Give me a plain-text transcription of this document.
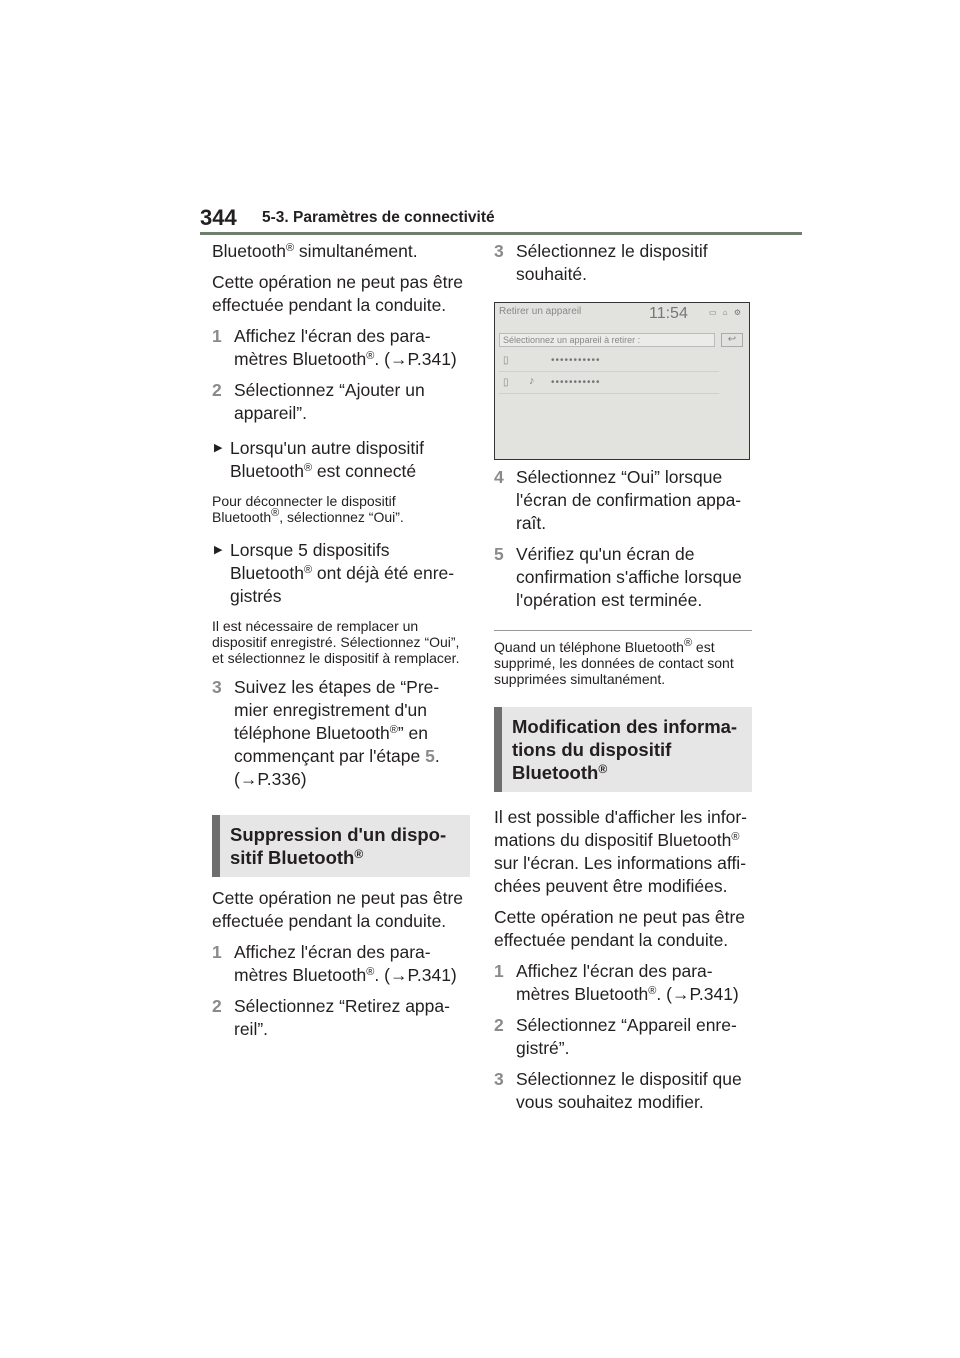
344 5-3. Paramètres de connectivité

Bluetooth® simultanément.

Cette opération ne peut pas être effectuée pendant la conduite.

1 Affichez l'écran des para-mètres Bluetooth®. (→P.341)
2 Sélectionnez “Ajouter un appareil”.
▶ Lorsqu'un autre dispositif Bluetooth® est connecté

Pour déconnecter le dispositif Bluetooth®, sélectionnez “Oui”.

▶ Lorsque 5 dispositifs Bluetooth® ont déjà été enre-gistrés

Il est nécessaire de remplacer un dispositif enregistré. Sélectionnez “Oui”, et sélectionnez le dispositif à remplacer.

3 Suivez les étapes de “Pre-mier enregistrement d'un téléphone Bluetooth®” en commençant par l'étape 5. (→P.336)
Suppression d'un dispo-sitif Bluetooth®

Cette opération ne peut pas être effectuée pendant la conduite.

1 Affichez l'écran des para-mètres Bluetooth®. (→P.341)
2 Sélectionnez “Retirez appa-reil”.
3 Sélectionnez le dispositif souhaité.
Retirer un appareil	11:54	▭ ⌂ ⚙
Sélectionnez un appareil à retirer :	↩
▯	•••••••••••
▯ ♪ •••••••••••
4 Sélectionnez “Oui” lorsque l'écran de confirmation appa-raît.
5 Vérifiez qu'un écran de confirmation s'affiche lorsque l'opération est terminée.

Quand un téléphone Bluetooth® est supprimé, les données de contact sont supprimées simultanément.

Modification des informa-tions du dispositif Bluetooth®

Il est possible d'afficher les infor-mations du dispositif Bluetooth® sur l'écran. Les informations affi-chées peuvent être modifiées.

Cette opération ne peut pas être effectuée pendant la conduite.

1 Affichez l'écran des para-mètres Bluetooth®. (→P.341)
2 Sélectionnez “Appareil enre-gistré”.
3 Sélectionnez le dispositif que vous souhaitez modifier.
